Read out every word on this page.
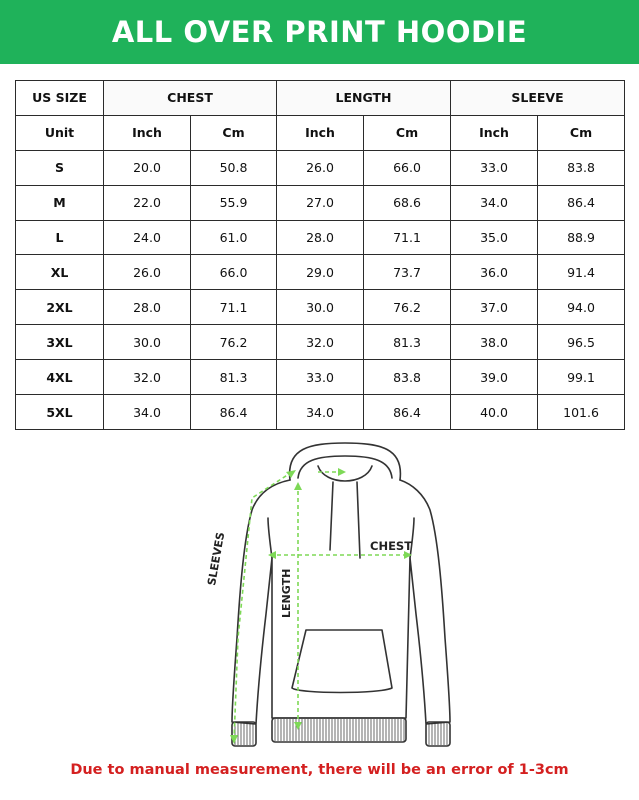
ALL OVER PRINT HOODIE
US SIZE	CHEST		LENGTH		SLEEVE	
Unit	Inch	Cm	Inch	Cm	Inch	Cm
S	20.0	50.8	26.0	66.0	33.0	83.8
M	22.0	55.9	27.0	68.6	34.0	86.4
L	24.0	61.0	28.0	71.1	35.0	88.9
XL	26.0	66.0	29.0	73.7	36.0	91.4
2XL	28.0	71.1	30.0	76.2	37.0	94.0
3XL	30.0	76.2	32.0	81.3	38.0	96.5
4XL	32.0	81.3	33.0	83.8	39.0	99.1
5XL	34.0	86.4	34.0	86.4	40.0	101.6
CHEST
LENGTH
SLEEVES
Due to manual measurement, there will be an error of 1-3cm
